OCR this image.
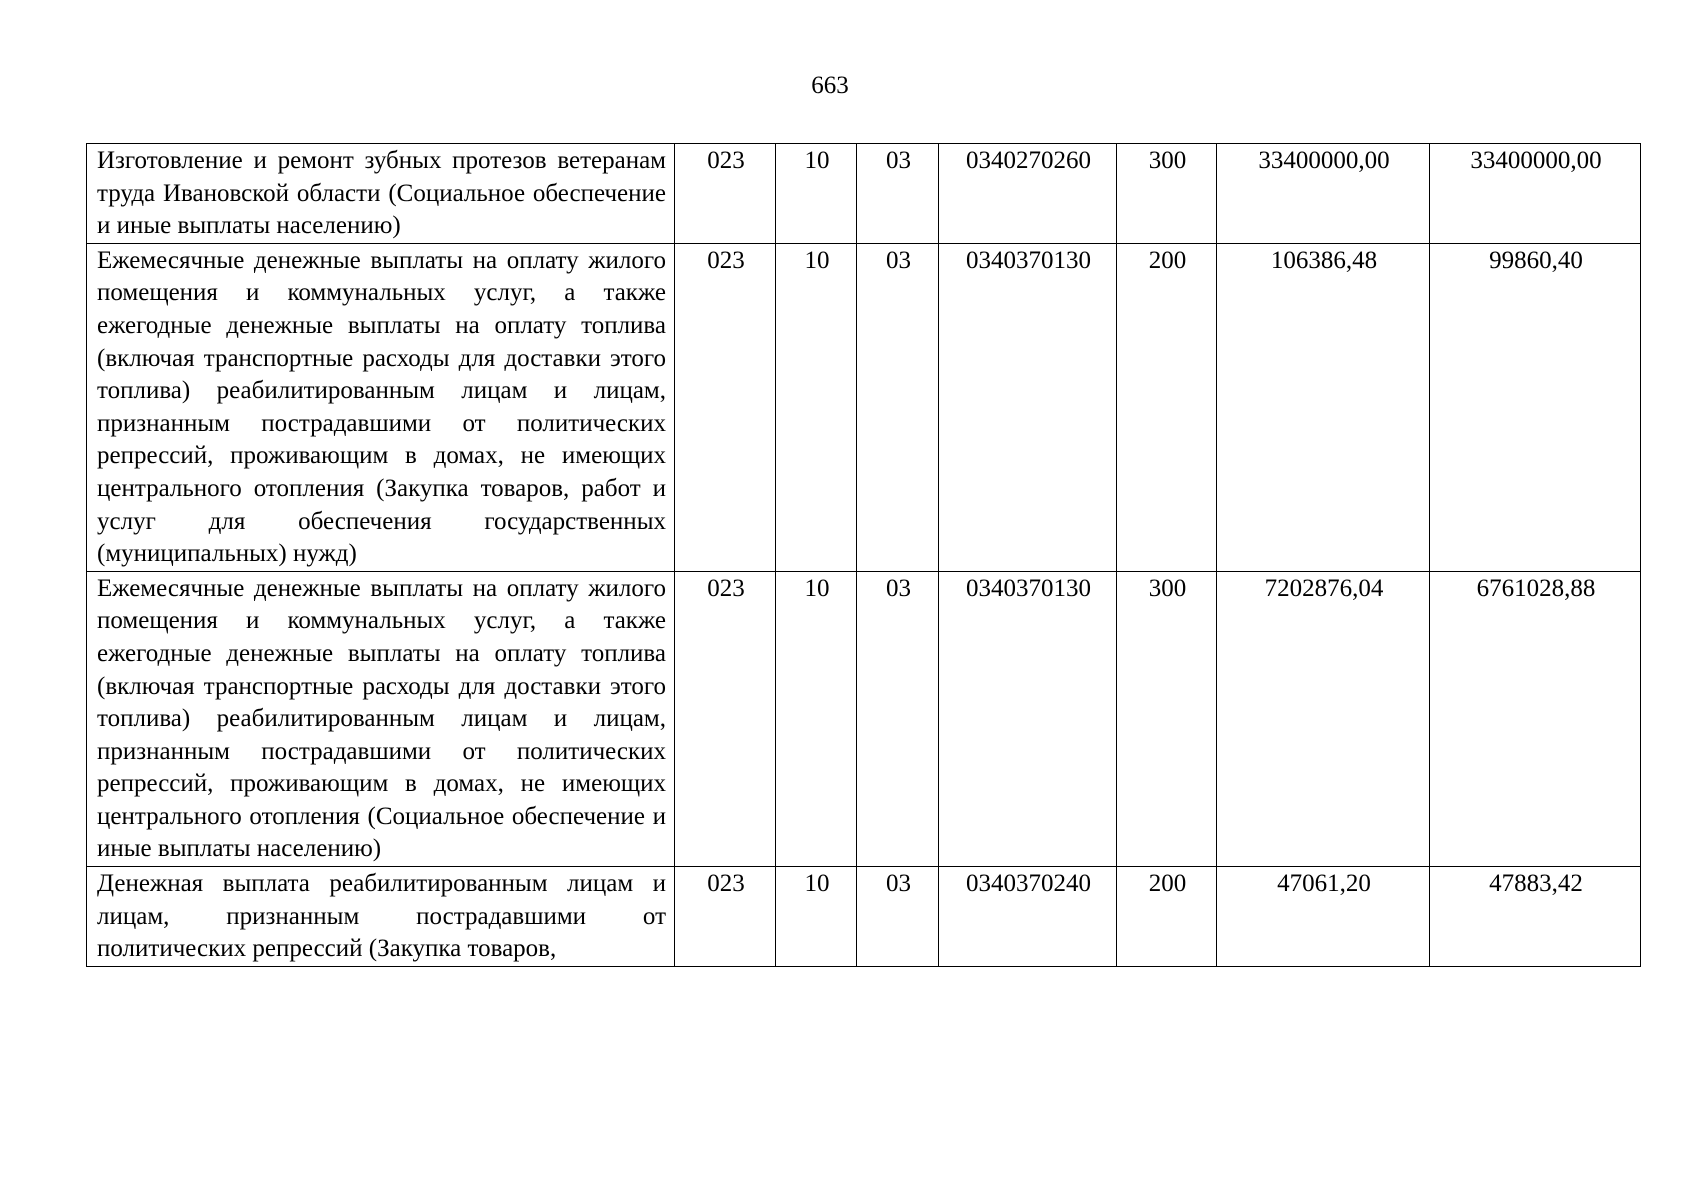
663
Изготовление и ремонт зубных протезов ветеранам труда Ивановской области (Социальное обеспечение и иные выплаты населению)	023	10	03	0340270260	300	33400000,00	33400000,00
Ежемесячные денежные выплаты на оплату жилого помещения и коммунальных услуг, а также ежегодные денежные выплаты на оплату топлива (включая транспортные расходы для доставки этого топлива) реабилитированным лицам и лицам, признанным пострадавшими от политических репрессий, проживающим в домах, не имеющих центрального отопления (Закупка товаров, работ и услуг для обеспечения государственных (муниципальных) нужд)	023	10	03	0340370130	200	106386,48	99860,40
Ежемесячные денежные выплаты на оплату жилого помещения и коммунальных услуг, а также ежегодные денежные выплаты на оплату топлива (включая транспортные расходы для доставки этого топлива) реабилитированным лицам и лицам, признанным пострадавшими от политических репрессий, проживающим в домах, не имеющих центрального отопления (Социальное обеспечение и иные выплаты населению)	023	10	03	0340370130	300	7202876,04	6761028,88
Денежная выплата реабилитированным лицам и лицам, признанным пострадавшими от политических репрессий (Закупка товаров,	023	10	03	0340370240	200	47061,20	47883,42
